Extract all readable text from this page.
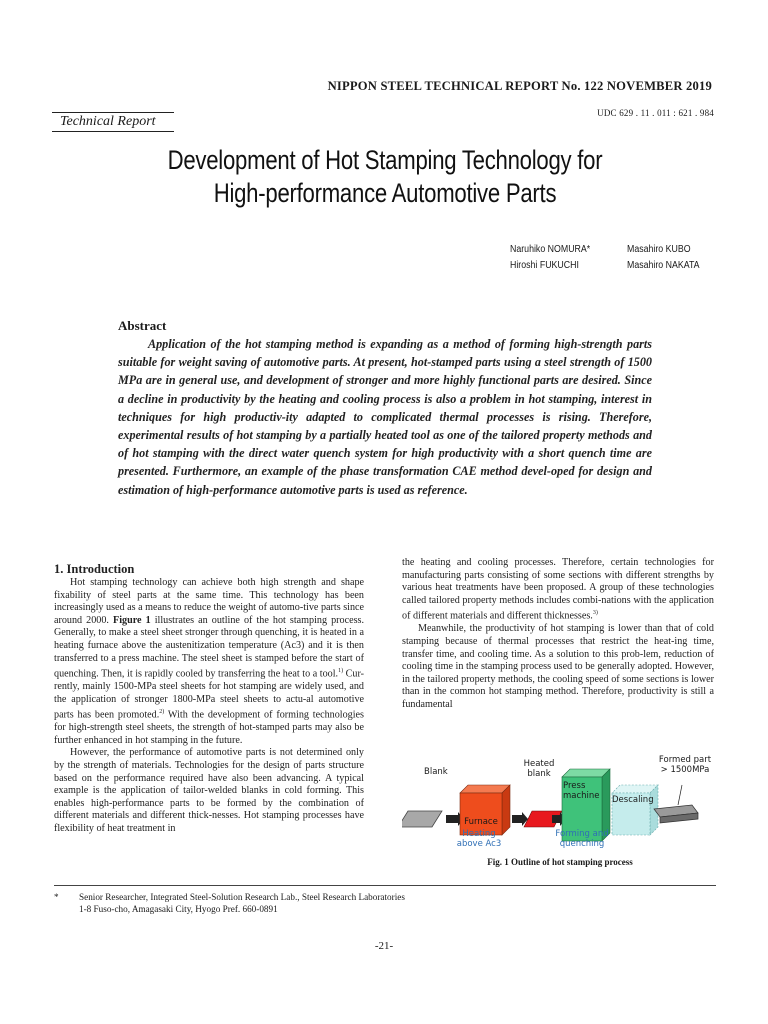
NIPPON STEEL TECHNICAL REPORT No. 122 NOVEMBER 2019
Technical Report
UDC 629 . 11 . 011 : 621 . 984
Development of Hot Stamping Technology for
High-performance Automotive Parts
Naruhiko NOMURA*	Masahiro KUBO
Hiroshi FUKUCHI	Masahiro NAKATA
Abstract
Application of the hot stamping method is expanding as a method of forming high-strength parts suitable for weight saving of automotive parts. At present, hot-stamped parts using a steel strength of 1500 MPa are in general use, and development of stronger and more highly functional parts are desired. Since a decline in productivity by the heating and cooling process is also a problem in hot stamping, interest in techniques for high productiv-ity adapted to complicated thermal processes is rising. Therefore, experimental results of hot stamping by a partially heated tool as one of the tailored property methods and of hot stamping with the direct water quench system for high productivity with a short quench time are presented. Furthermore, an example of the phase transformation CAE method devel-oped for design and estimation of high-performance automotive parts is used as reference.
1. Introduction

Hot stamping technology can achieve both high strength and shape fixability of steel parts at the same time. This technology has been increasingly used as a means to reduce the weight of automo-tive parts since around 2000. Figure 1 illustrates an outline of the hot stamping process. Generally, to make a steel sheet stronger through quenching, it is heated in a heating furnace above the austenitization temperature (Ac3) and it is then transferred to a press machine. The steel sheet is stamped before the start of quenching. Then, it is rapidly cooled by transferring the heat to a tool.$^{1)}$ Cur-rently, mainly 1500-MPa steel sheets for hot stamping are widely used, and the application of stronger 1800-MPa steel sheets to actu-al automotive parts has been promoted.$^{2)}$ With the development of forming technologies for high-strength steel sheets, the strength of hot-stamped parts may also be further enhanced in hot stamping in the future.

However, the performance of automotive parts is not determined only by the strength of materials. Technologies for the design of parts structure based on the performance required have also been advancing. A typical example is the application of tailor-welded blanks in cold forming. This enables high-performance parts to be formed by the combination of different materials and different thick-nesses. Hot stamping processes have flexibility of heat treatment in

the heating and cooling processes. Therefore, certain technologies for manufacturing parts consisting of some sections with different strengths by various heat treatments have been proposed. A group of these technologies called tailored property methods includes combi-nations with the application of different materials and different thicknesses.$^{3)}$

Meanwhile, the productivity of hot stamping is lower than that of cold stamping because of thermal processes that restrict the heat-ing time, transfer time, and cooling time. As a solution to this prob-lem, reduction of cooling time in the stamping process used to be generally adopted. However, in the tailored property methods, the cooling speed of some sections is lower than in the common hot stamping method. Therefore, productivity is still a fundamental

Blank
Furnace
Heated
blank
Press
machine Descaling
Formed part
> 1500MPa
Heating
above Ac3
Forming and
quenching
Fig. 1 Outline of hot stamping process
* Senior Researcher, Integrated Steel-Solution Research Lab., Steel Research Laboratories
1-8 Fuso-cho, Amagasaki City, Hyogo Pref. 660-0891
-21-
